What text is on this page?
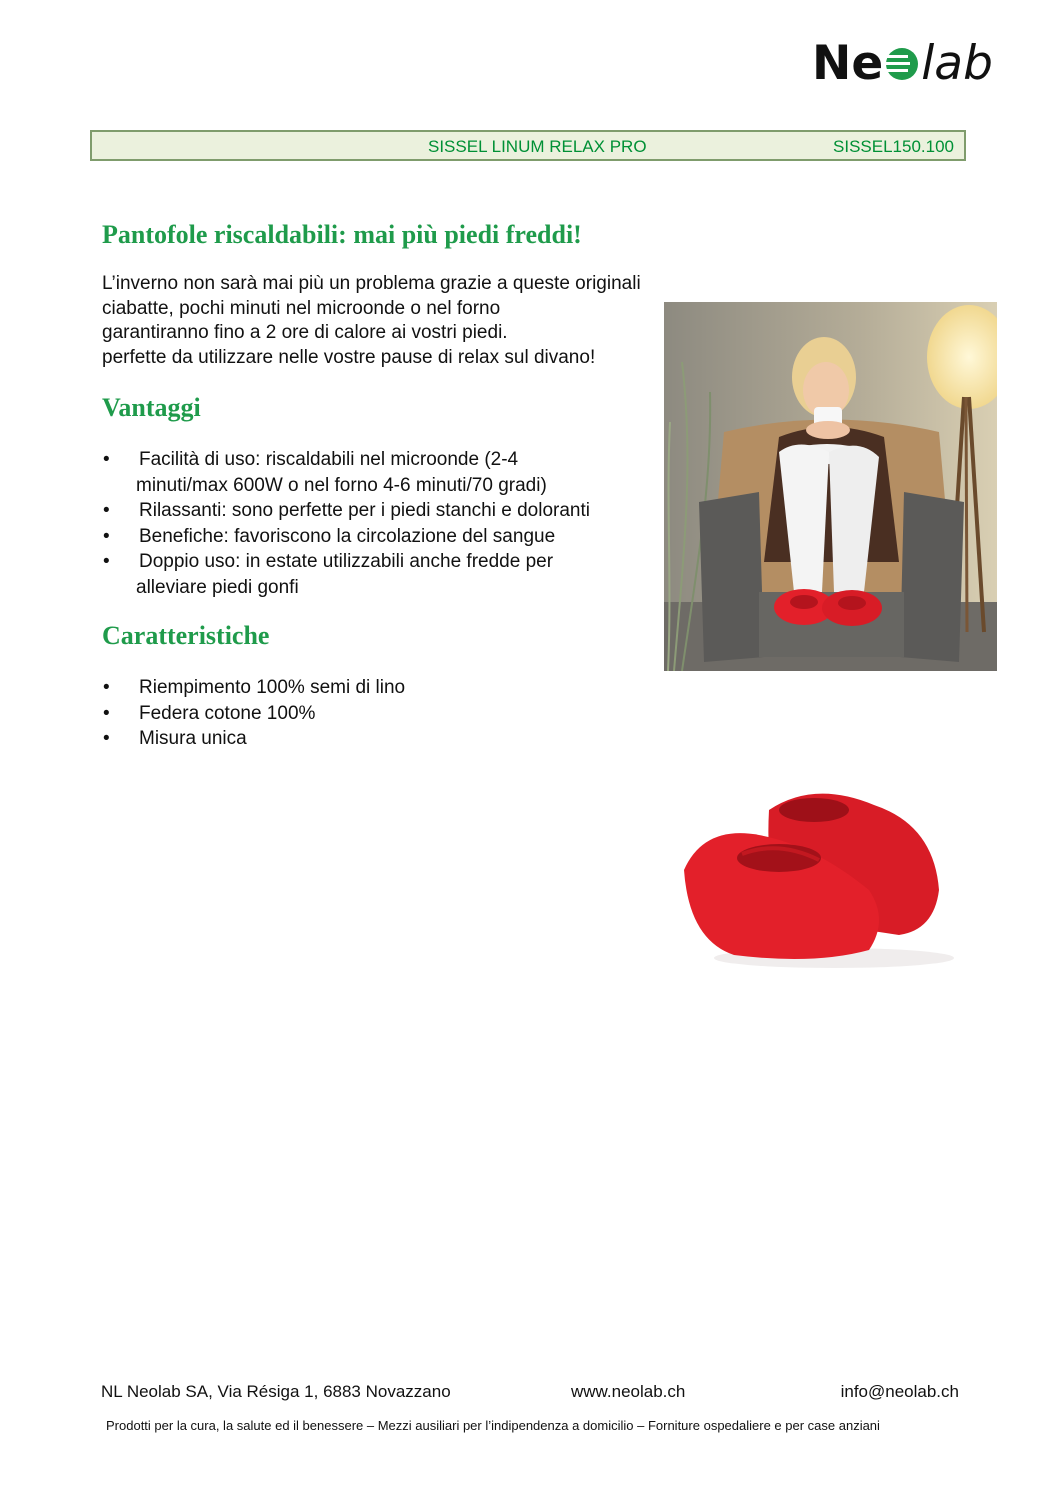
Ne lab
SISSEL LINUM RELAX PRO	SISSEL150.100
Pantofole riscaldabili: mai più piedi freddi!
L’inverno non sarà mai più un problema grazie a queste originali
ciabatte, pochi minuti nel microonde o nel forno
garantiranno fino a 2 ore di calore ai vostri piedi.
perfette da utilizzare nelle vostre pause di relax sul divano!
Vantaggi
• Facilità di uso: riscaldabili nel microonde (2-4
minuti/max 600W o nel forno 4-6 minuti/70 gradi)
• Rilassanti: sono perfette per i piedi stanchi e doloranti
• Benefiche: favoriscono la circolazione del sangue
• Doppio uso: in estate utilizzabili anche fredde per
alleviare piedi gonfi
Caratteristiche
• Riempimento 100% semi di lino
• Federa cotone 100%
• Misura unica
NL Neolab SA, Via Résiga 1, 6883 Novazzano	www.neolab.ch	info@neolab.ch
Prodotti per la cura, la salute ed il benessere – Mezzi ausiliari per l’indipendenza a domicilio – Forniture ospedaliere e per case anziani
